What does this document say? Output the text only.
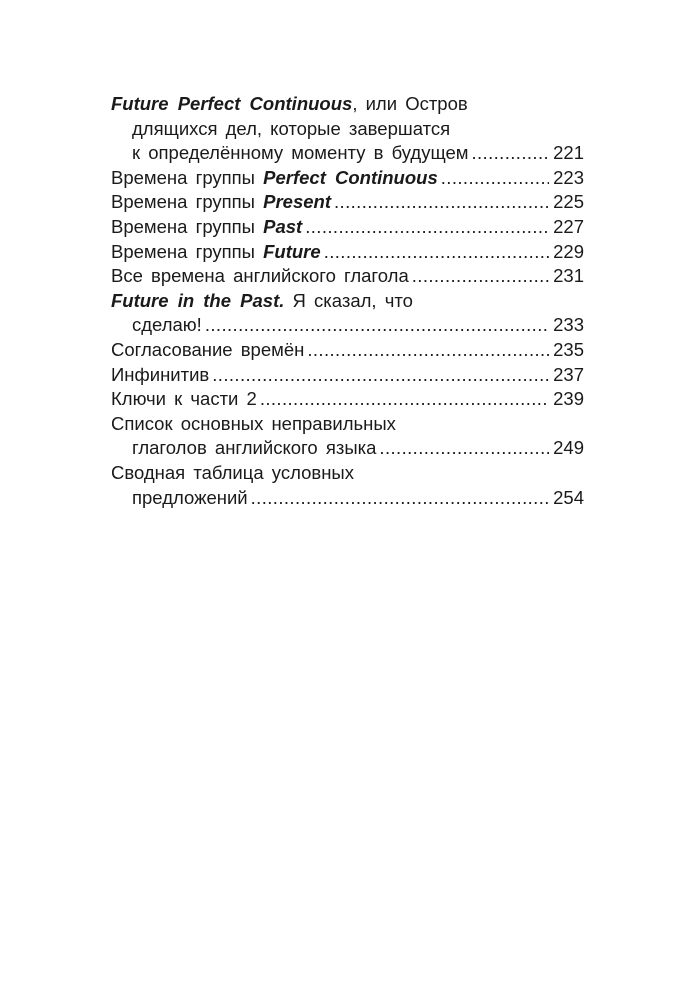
Future Perfect Continuous, или Остров
длящихся дел, которые завершатся
к определённому моменту в будущем .....	221
Времена группы Perfect Continuous .....	223
Времена группы Present .....	225
Времена группы Past .....	227
Времена группы Future .....	229
Все времена английского глагола .....	231
Future in the Past. Я сказал, что
сделаю! .....	233
Согласование времён .....	235
Инфинитив .....	237
Ключи к части 2 .....	239
Список основных неправильных
глаголов английского языка .....	249
Сводная таблица условных
предложений .....	254
